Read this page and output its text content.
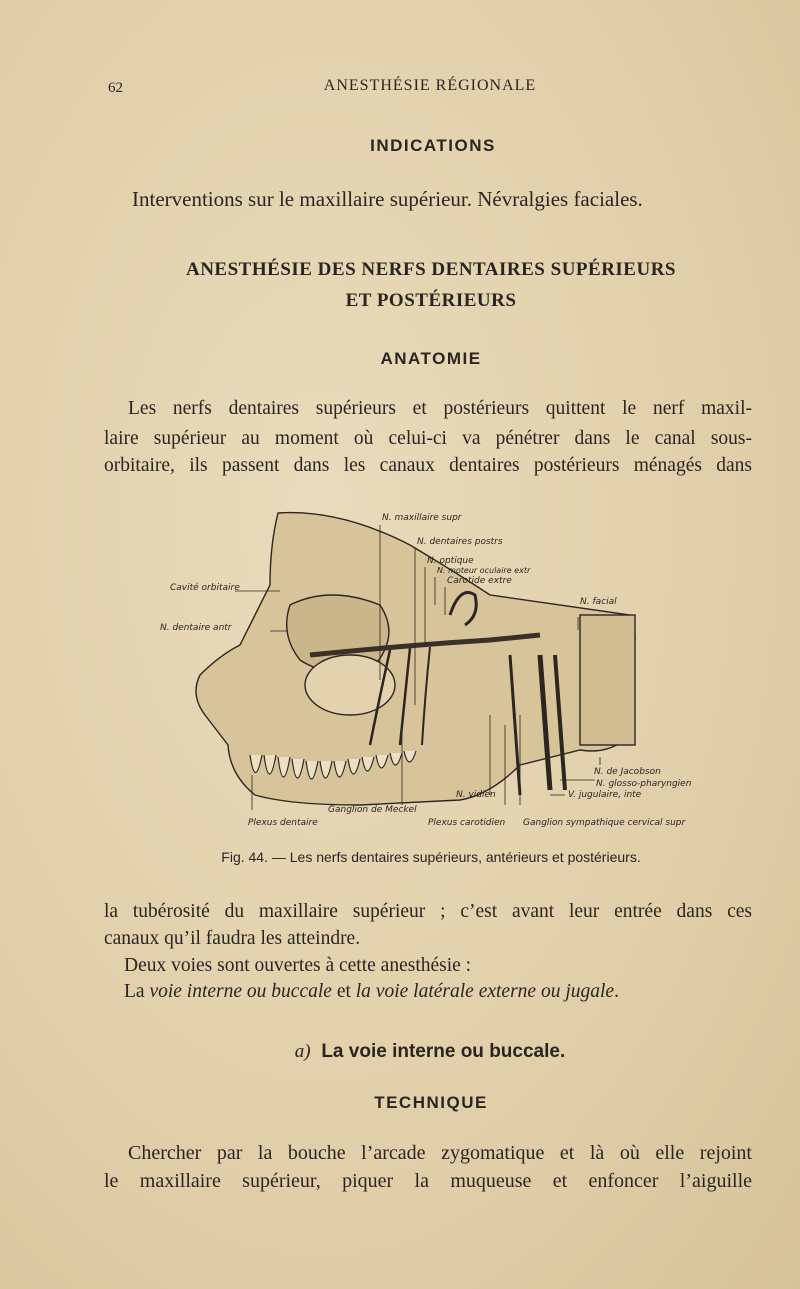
62	ANESTHÉSIE RÉGIONALE
INDICATIONS
Interventions sur le maxillaire supérieur. Névralgies faciales.
ANESTHÉSIE DES NERFS DENTAIRES SUPÉRIEURS
ET POSTÉRIEURS
ANATOMIE
Les nerfs dentaires supérieurs et postérieurs quittent le nerf maxil-
laire supérieur au moment où celui-ci va pénétrer dans le canal sous-
orbitaire, ils passent dans les canaux dentaires postérieurs ménagés dans
N. maxillaire supr
N. dentaires postrs
N. optique
N. moteur oculaire extr
Carotide extre
Cavité orbitaire
N. dentaire antr
N. facial
N. de Jacobson
N. glosso-pharyngien
V. jugulaire, inte
N. vidien
Ganglion de Meckel
Plexus dentaire	Plexus carotidien Ganglion sympathique cervical supr
Fig. 44. — Les nerfs dentaires supérieurs, antérieurs et postérieurs.
la tubérosité du maxillaire supérieur ; c’est avant leur entrée dans ces
canaux qu’il faudra les atteindre.
Deux voies sont ouvertes à cette anesthésie :
La voie interne ou buccale et la voie latérale externe ou jugale.
a) La voie interne ou buccale.
TECHNIQUE
Chercher par la bouche l’arcade zygomatique et là où elle rejoint
le maxillaire supérieur, piquer la muqueuse et enfoncer l’aiguille
